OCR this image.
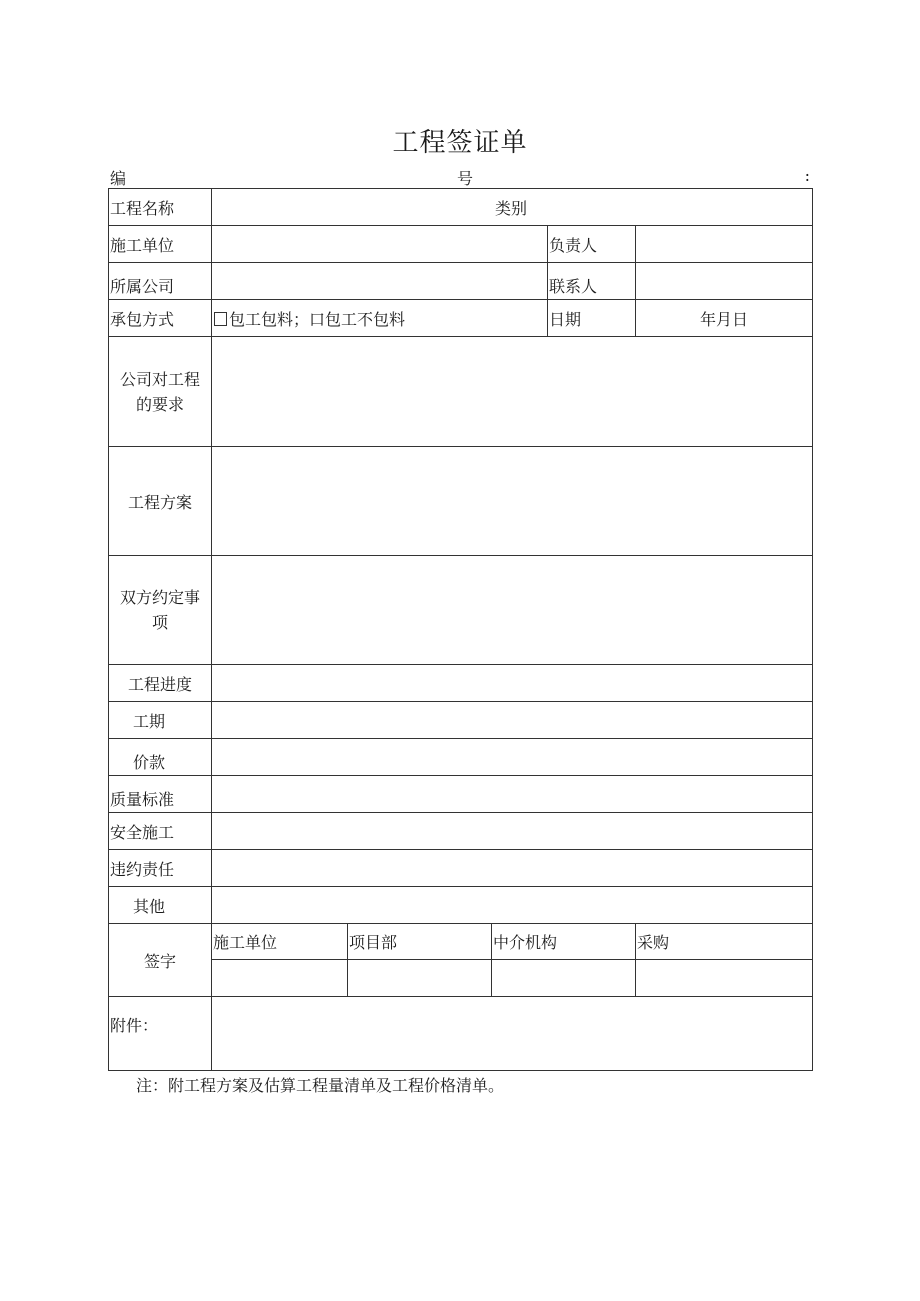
工程签证单
编	号	:
工程名称	类别				
施工单位				负责人	
所属公司				联系人	
承包方式	包工包料；口包工不包料			日期	年月日

公司对工程
的要求					

工程方案					

双方约定事
项					

工程进度					
工期					
价款					
质量标准					
安全施工					
违约责任					
其他					
签字	施工单位	项目部	中介机构		采购

附件：					
注：附工程方案及估算工程量清单及工程价格清单。
